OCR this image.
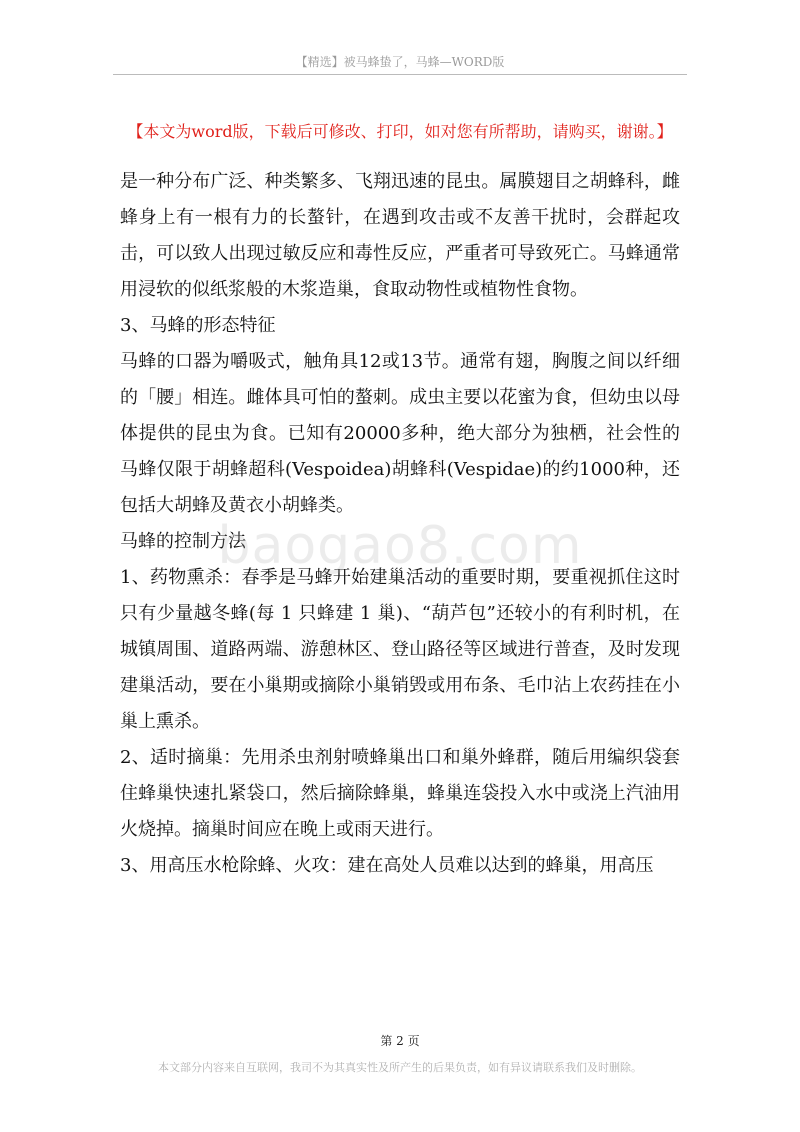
【精选】被马蜂蛰了，马蜂—WORD版
【本文为word版，下载后可修改、打印，如对您有所帮助，请购买，谢谢。】

是一种分布广泛、种类繁多、飞翔迅速的昆虫。属膜翅目之胡蜂科，雌蜂身上有一根有力的长螯针，在遇到攻击或不友善干扰时，会群起攻击，可以致人出现过敏反应和毒性反应，严重者可导致死亡。马蜂通常用浸软的似纸浆般的木浆造巢，食取动物性或植物性食物。

3、马蜂的形态特征

马蜂的口器为嚼吸式，触角具12或13节。通常有翅，胸腹之间以纤细的「腰」相连。雌体具可怕的螯刺。成虫主要以花蜜为食，但幼虫以母体提供的昆虫为食。已知有20000多种，绝大部分为独栖，社会性的马蜂仅限于胡蜂超科(Vespoidea)胡蜂科(Vespidae)的约1000种，还包括大胡蜂及黄衣小胡蜂类。

马蜂的控制方法

1、药物熏杀：春季是马蜂开始建巢活动的重要时期，要重视抓住这时只有少量越冬蜂(每 1 只蜂建 1 巢)、“葫芦包”还较小的有利时机，在城镇周围、道路两端、游憩林区、登山路径等区域进行普查，及时发现建巢活动，要在小巢期或摘除小巢销毁或用布条、毛巾沾上农药挂在小巢上熏杀。

2、适时摘巢：先用杀虫剂射喷蜂巢出口和巢外蜂群，随后用编织袋套住蜂巢快速扎紧袋口，然后摘除蜂巢，蜂巢连袋投入水中或浇上汽油用火烧掉。摘巢时间应在晚上或雨天进行。

3、用高压水枪除蜂、火攻：建在高处人员难以达到的蜂巢，用高压

baogao8.com
第 2 页
本文部分内容来自互联网，我司不为其真实性及所产生的后果负责，如有异议请联系我们及时删除。
